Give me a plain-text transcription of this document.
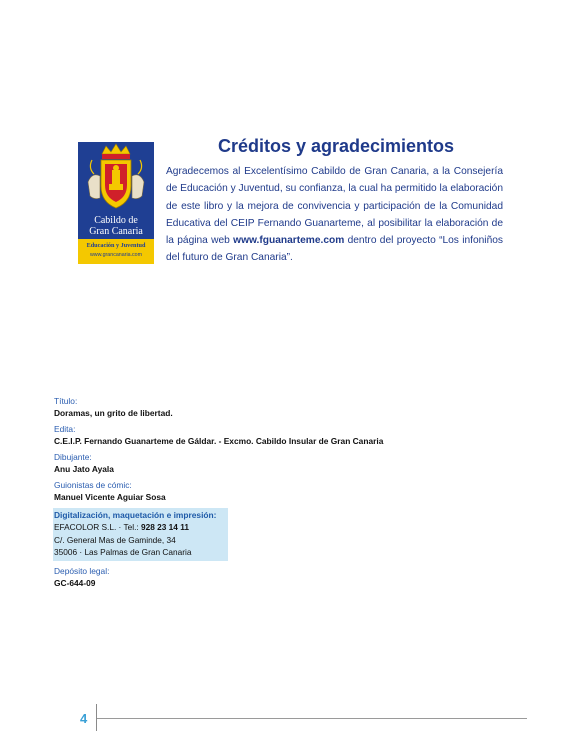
Cabildo de
Gran Canaria
Educación y Juventud
www.grancanaria.com
Créditos y agradecimientos
Agradecemos al Excelentísimo Cabildo de Gran Canaria, a la Consejería de Educación y Juventud, su confianza, la cual ha permitido la elaboración de este libro y la mejora de convivencia y participación de la Comunidad Educativa del CEIP Fernando Guanarteme, al posibilitar la elaboración de la página web www.fguanarteme.com dentro del proyecto “Los infoniños del futuro de Gran Canaria”.
Título:
Doramas, un grito de libertad.
Edita:
C.E.I.P. Fernando Guanarteme de Gáldar. - Excmo. Cabildo Insular de Gran Canaria
Dibujante:
Anu Jato Ayala
Guionistas de cómic:
Manuel Vicente Aguiar Sosa
Digitalización, maquetación e impresión:
EFACOLOR S.L. · Tel.: 928 23 14 11
C/. General Mas de Gaminde, 34
35006 · Las Palmas de Gran Canaria
Depósito legal:
GC-644-09
4
